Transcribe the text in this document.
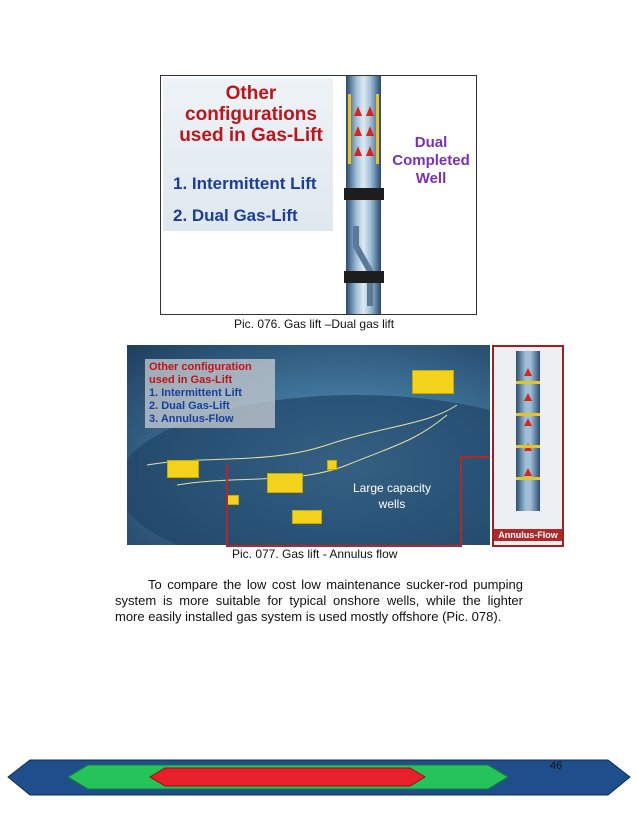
Other configurations used in Gas-Lift
1. Intermittent Lift
2. Dual Gas-Lift
Dual Completed Well
Pic. 076. Gas lift –Dual gas lift
Other configuration used in Gas-Lift
1. Intermittent Lift
2. Dual Gas-Lift
3. Annulus-Flow
Large capacity wells
Annulus-Flow
Pic. 077. Gas lift - Annulus flow

To compare the low cost low maintenance sucker-rod pumping system is more suitable for typical onshore wells, while the lighter more easily installed gas system is used mostly offshore (Pic. 078).

46
